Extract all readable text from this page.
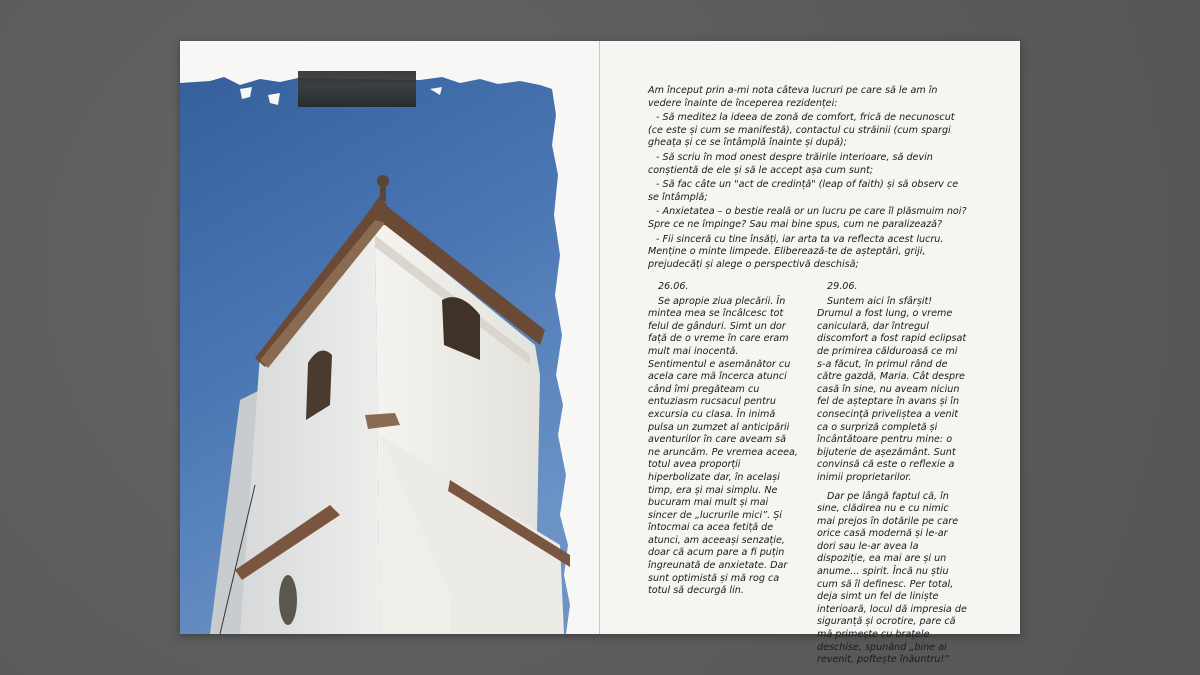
Am început prin a-mi nota câteva lucruri pe care să le am în vedere înainte de începerea rezidenței:

- Să meditez la ideea de zonă de comfort, frică de necunoscut (ce este și cum se manifestă), contactul cu străinii (cum spargi gheața și ce se întâmplă înainte și după);

- Să scriu în mod onest despre trăirile interioare, să devin conștientă de ele și să le accept așa cum sunt;

- Să fac câte un "act de credință" (leap of faith) și să observ ce se întâmplă;

- Anxietatea – o bestie reală or un lucru pe care îl plăsmuim noi? Spre ce ne împinge? Sau mai bine spus, cum ne paralizează?

- Fii sinceră cu tine însăți, iar arta ta va reflecta acest lucru. Menține o minte limpede. Eliberează-te de așteptări, griji, prejudecăți și alege o perspectivă deschisă;

26.06.

Se apropie ziua plecării. În mintea mea se încâlcesc tot felul de gânduri. Simt un dor față de o vreme în care eram mult mai inocentă. Sentimentul e asemănător cu acela care mă încerca atunci când îmi pregăteam cu entuziasm rucsacul pentru excursia cu clasa. În inimă pulsa un zumzet al anticipării aventurilor în care aveam să ne aruncăm. Pe vremea aceea, totul avea proporții hiperbolizate dar, în același timp, era și mai simplu. Ne bucuram mai mult și mai sincer de „lucrurile mici”. Și întocmai ca acea fetiță de atunci, am aceeași senzație, doar că acum pare a fi puțin îngreunată de anxietate. Dar sunt optimistă și mă rog ca totul să decurgă lin.

29.06.

Suntem aici în sfârșit! Drumul a fost lung, o vreme caniculară, dar întregul discomfort a fost rapid eclipsat de primirea călduroasă ce mi s-a făcut, în primul rând de către gazdă, Maria. Cât despre casă în sine, nu aveam niciun fel de așteptare în avans și în consecință priveliștea a venit ca o surpriză completă și încântătoare pentru mine: o bijuterie de așezământ. Sunt convinsă că este o reflexie a inimii proprietarilor.

Dar pe lângă faptul că, în sine, clădirea nu e cu nimic mai prejos în dotările pe care orice casă modernă și le-ar dori sau le-ar avea la dispoziție, ea mai are și un anume... spirit. Încă nu știu cum să îl definesc. Per total, deja simt un fel de liniște interioară, locul dă impresia de siguranță și ocrotire, pare că mă primește cu brațele deschise, spunând „bine ai revenit, poftește înăuntru!”
